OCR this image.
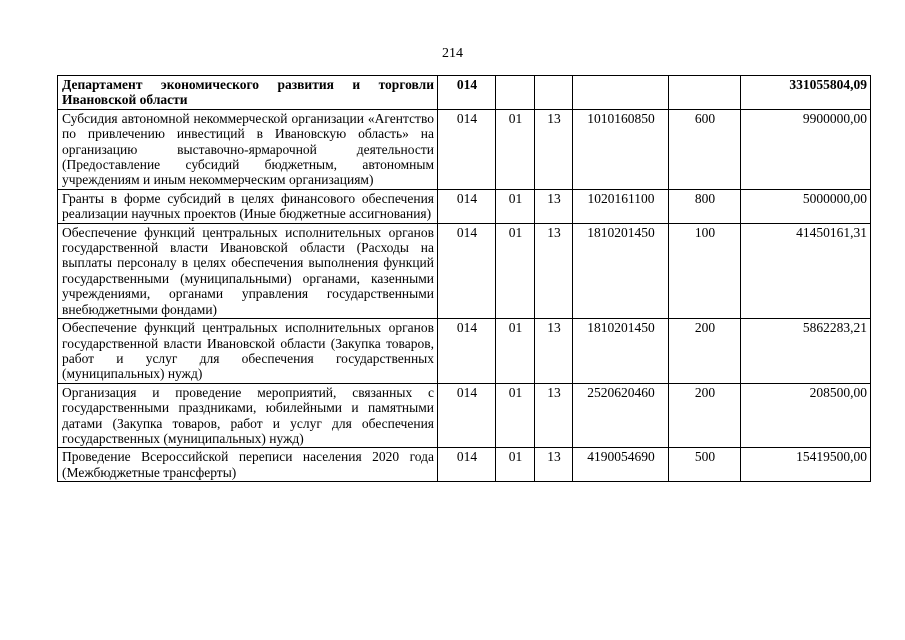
214
Департамент экономического развития и торговли Ивановской области	014					331055804,09
Субсидия автономной некоммерческой организации «Агентство по привлечению инвестиций в Ивановскую область» на организацию выставочно-ярмарочной деятельности (Предоставление субсидий бюджетным, автономным учреждениям и иным некоммерческим организациям)	014	01	13	1010160850	600	9900000,00
Гранты в форме субсидий в целях финансового обеспечения реализации научных проектов (Иные бюджетные ассигнования)	014	01	13	1020161100	800	5000000,00
Обеспечение функций центральных исполнительных органов государственной власти Ивановской области (Расходы на выплаты персоналу в целях обеспечения выполнения функций государственными (муниципальными) органами, казенными учреждениями, органами управления государственными внебюджетными фондами)	014	01	13	1810201450	100	41450161,31
Обеспечение функций центральных исполнительных органов государственной власти Ивановской области (Закупка товаров, работ и услуг для обеспечения государственных (муниципальных) нужд)	014	01	13	1810201450	200	5862283,21
Организация и проведение мероприятий, связанных с государственными праздниками, юбилейными и памятными датами (Закупка товаров, работ и услуг для обеспечения государственных (муниципальных) нужд)	014	01	13	2520620460	200	208500,00
Проведение Всероссийской переписи населения 2020 года (Межбюджетные трансферты)	014	01	13	4190054690	500	15419500,00
